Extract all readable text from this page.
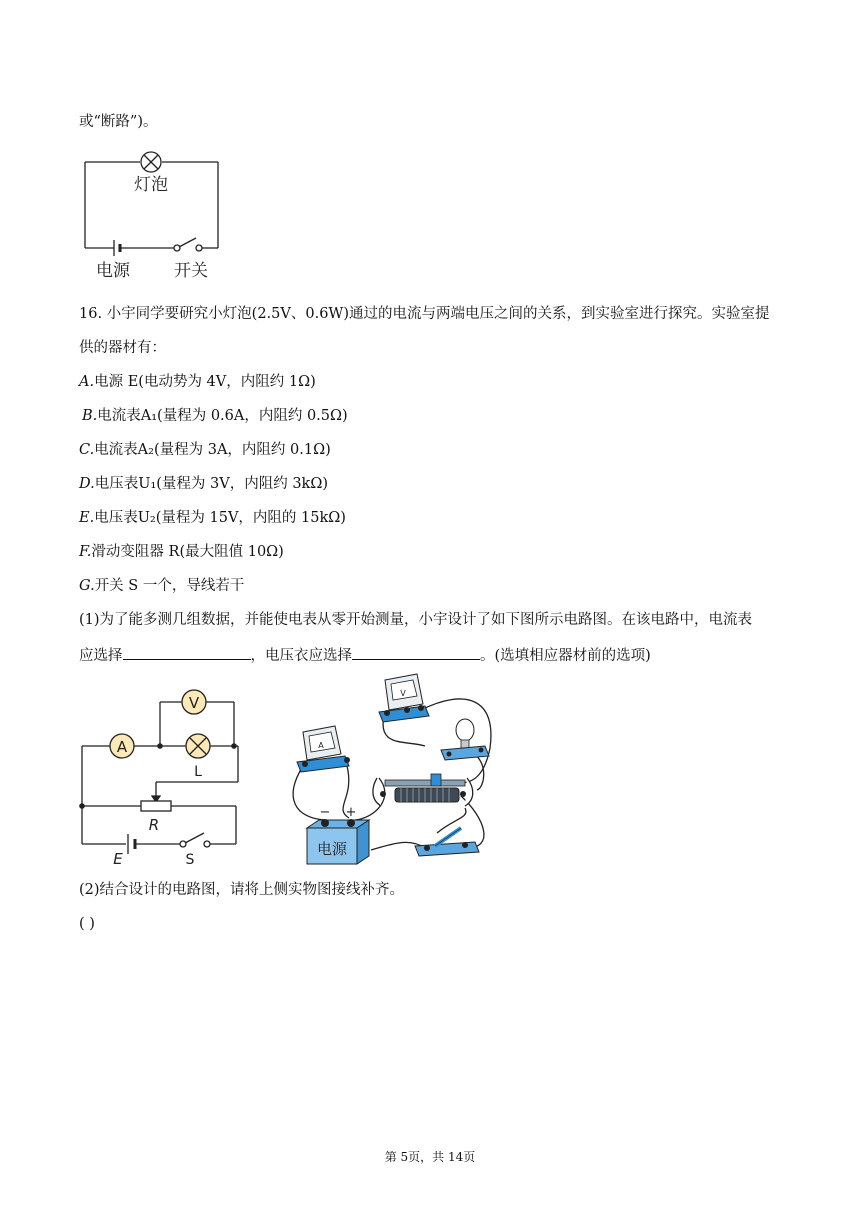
或“断路”)。
灯泡
电源	开关
16. 小宇同学要研究小灯泡(2.5V、0.6W)通过的电流与两端电压之间的关系，到实验室进行探究。实验室提
供的器材有：
A.电源 E(电动势为 4V，内阻约 1Ω)
B.电流表A₁(量程为 0.6A，内阻约 0.5Ω)
C.电流表A₂(量程为 3A，内阻约 0.1Ω)
D.电压表U₁(量程为 3V，内阻约 3kΩ)
E.电压表U₂(量程为 15V，内阻的 15kΩ)
F.滑动变阻器 R(最大阻值 10Ω)
G.开关 S 一个，导线若干
(1)为了能多测几组数据，并能使电表从零开始测量，小宇设计了如下图所示电路图。在该电路中，电流表
应选择	，电压衣应选择	。(选填相应器材前的选项)
A
V
L
R
E	S
V
A
− +
电源
(2)结合设计的电路图，请将上侧实物图接线补齐。
( )
第 5页，共 14页
